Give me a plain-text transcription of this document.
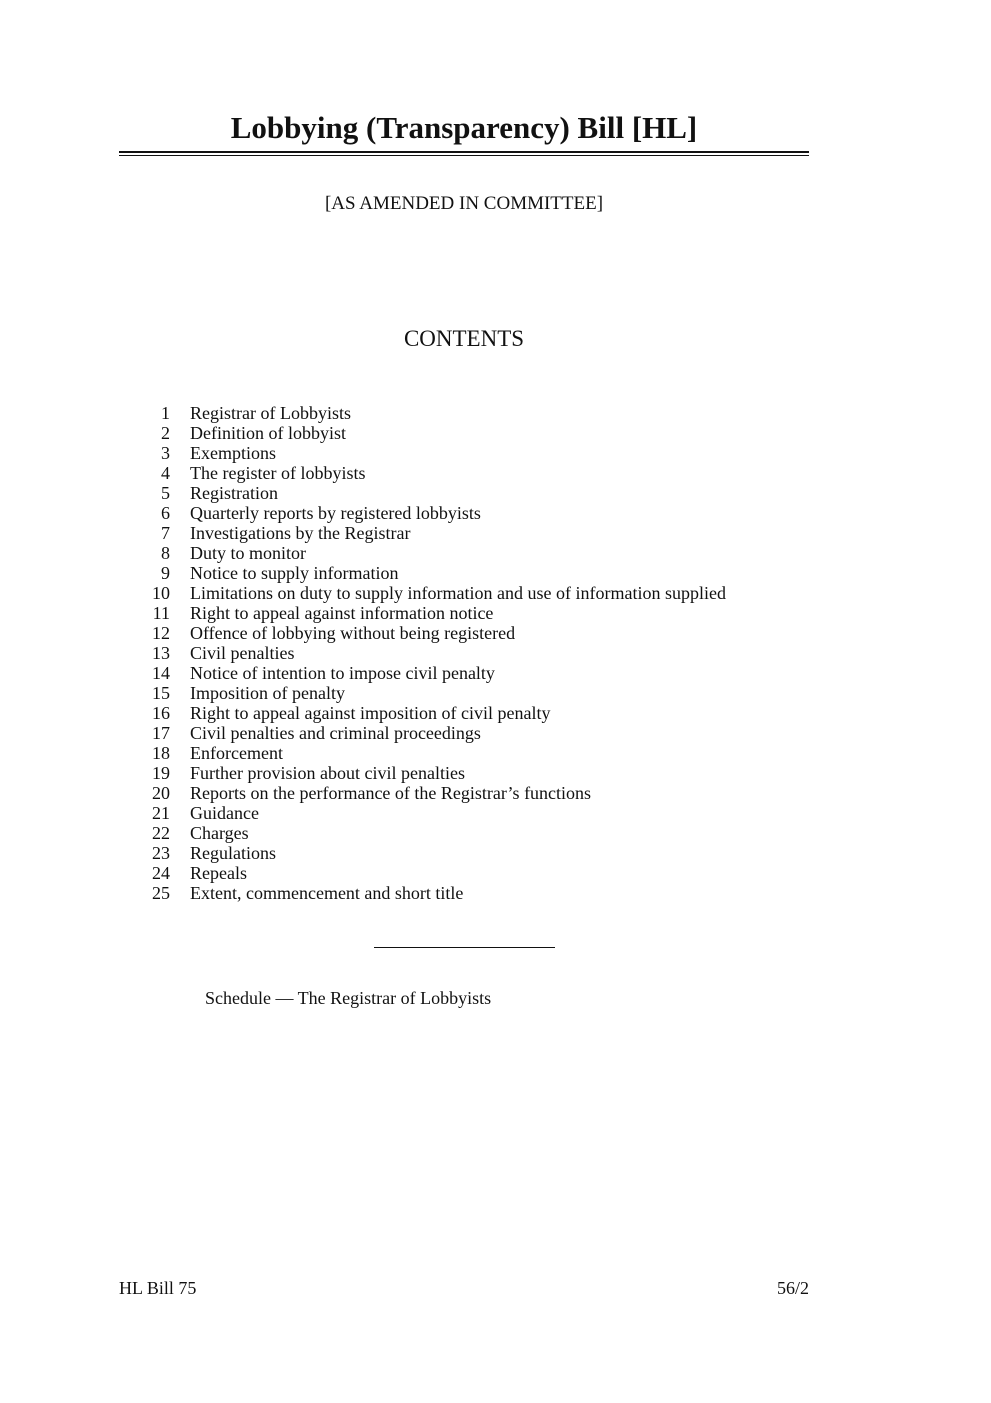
Lobbying (Transparency) Bill [HL]
[AS AMENDED IN COMMITTEE]
CONTENTS
1 Registrar of Lobbyists
2 Definition of lobbyist
3 Exemptions
4 The register of lobbyists
5 Registration
6 Quarterly reports by registered lobbyists
7 Investigations by the Registrar
8 Duty to monitor
9 Notice to supply information
10 Limitations on duty to supply information and use of information supplied
11 Right to appeal against information notice
12 Offence of lobbying without being registered
13 Civil penalties
14 Notice of intention to impose civil penalty
15 Imposition of penalty
16 Right to appeal against imposition of civil penalty
17 Civil penalties and criminal proceedings
18 Enforcement
19 Further provision about civil penalties
20 Reports on the performance of the Registrar’s functions
21 Guidance
22 Charges
23 Regulations
24 Repeals
25 Extent, commencement and short title
Schedule — The Registrar of Lobbyists
HL Bill 75	56/2
